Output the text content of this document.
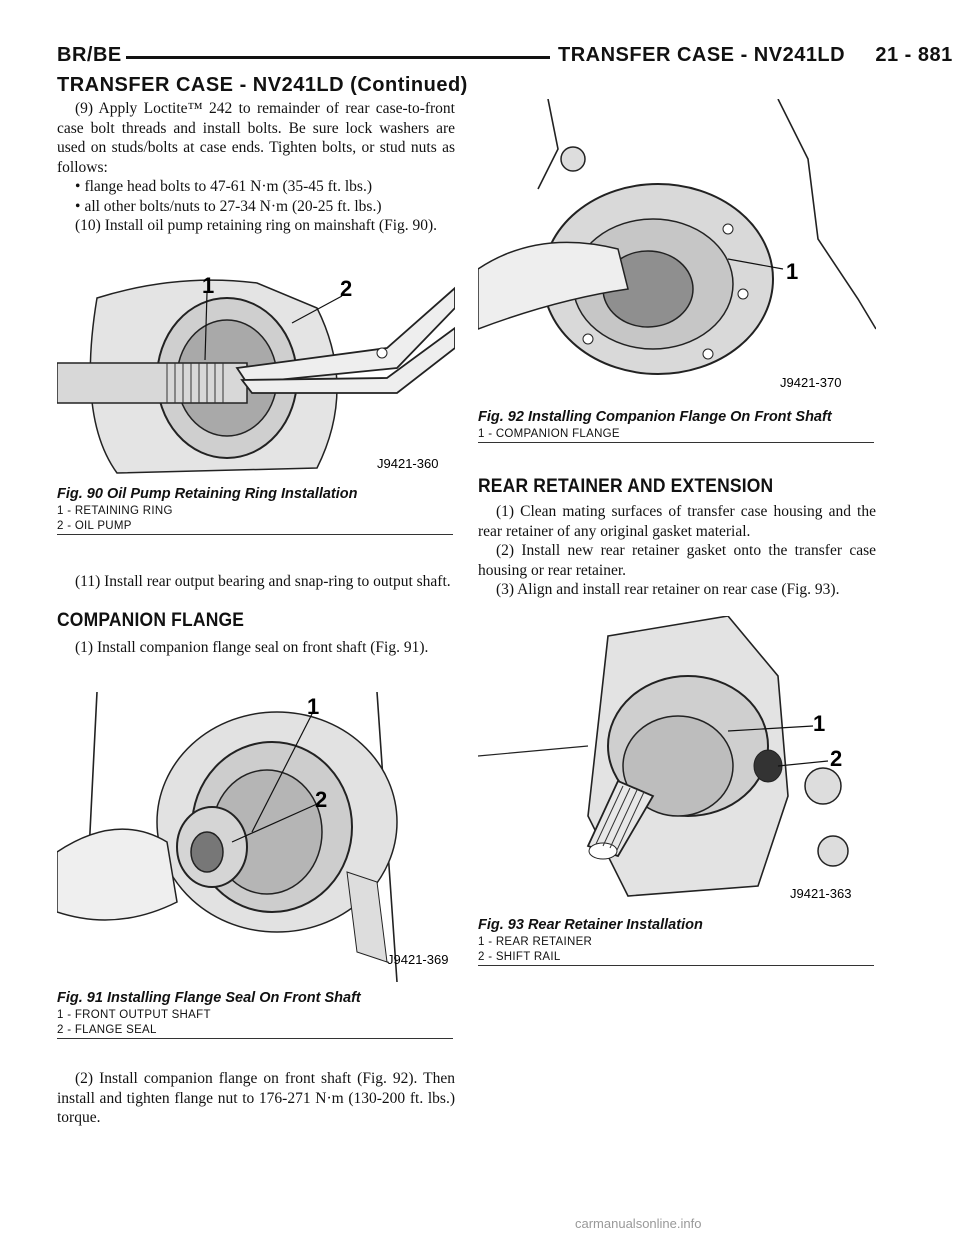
BR/BE	TRANSFER CASE - NV241LD     21 - 881
TRANSFER CASE - NV241LD (Continued)

(9) Apply Loctite™ 242 to remainder of rear case-to-front case bolt threads and install bolts. Be sure lock washers are used on studs/bolts at case ends. Tighten bolts, or stud nuts as follows:

• flange head bolts to 47-61 N·m (35-45 ft. lbs.)

• all other bolts/nuts to 27-34 N·m (20-25 ft. lbs.)

(10) Install oil pump retaining ring on mainshaft (Fig. 90).

1	2
J9421-360
Fig. 90 Oil Pump Retaining Ring Installation
1 - RETAINING RING
2 - OIL PUMP

(11) Install rear output bearing and snap-ring to output shaft.

COMPANION FLANGE

(1) Install companion flange seal on front shaft (Fig. 91).

1
2
J9421-369
Fig. 91 Installing Flange Seal On Front Shaft
1 - FRONT OUTPUT SHAFT
2 - FLANGE SEAL

(2) Install companion flange on front shaft (Fig. 92). Then install and tighten flange nut to 176-271 N·m (130-200 ft. lbs.) torque.

1
J9421-370
Fig. 92 Installing Companion Flange On Front Shaft
1 - COMPANION FLANGE
REAR RETAINER AND EXTENSION

(1) Clean mating surfaces of transfer case housing and the rear retainer of any original gasket material.

(2) Install new rear retainer gasket onto the transfer case housing or rear retainer.

(3) Align and install rear retainer on rear case (Fig. 93).

1
2
J9421-363
Fig. 93 Rear Retainer Installation
1 - REAR RETAINER
2 - SHIFT RAIL
carmanualsonline.info
